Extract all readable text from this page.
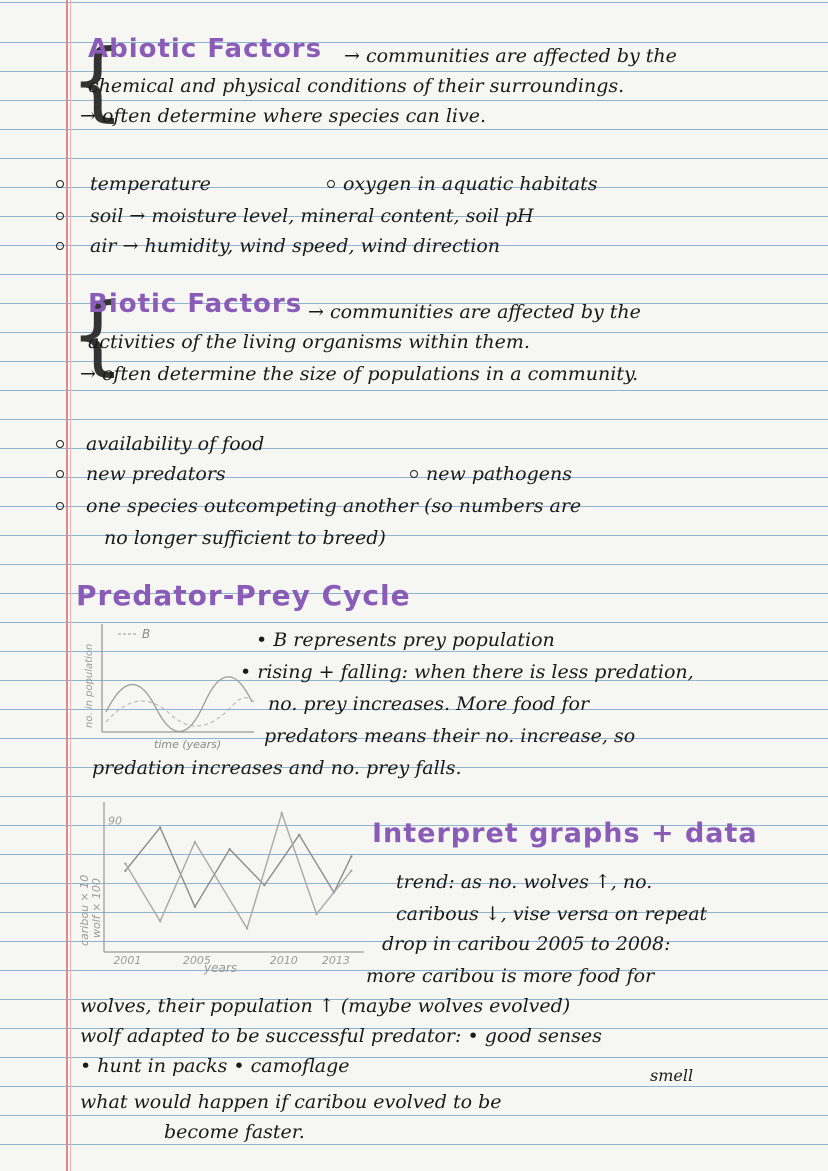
{
Abiotic Factors → communities are affected by the
chemical and physical conditions of their surroundings.
→ often determine where species can live.
temperature	oxygen in aquatic habitats
soil → moisture level, mineral content, soil pH
air → humidity, wind speed, wind direction
{
Biotic Factors → communities are affected by the
activities of the living organisms within them.
→ often determine the size of populations in a community.
availability of food
new predators	new pathogens
one species outcompeting another (so numbers are
no longer sufficient to breed)
Predator-Prey Cycle
B
time (years)
no. in population
• B represents prey population
• rising + falling: when there is less predation,
no. prey increases. More food for
predators means their no. increase, so
predation increases and no. prey falls.
caribou × 10 wolf × 100
years
2001	2005	2010 2013
90	Interpret graphs + data
trend: as no. wolves ↑, no.
caribous ↓, vise versa on repeat
drop in caribou 2005 to 2008:
more caribou is more food for
wolves, their population ↑ (maybe wolves evolved)
wolf adapted to be successful predator: • good senses
• hunt in packs • camoflage	smell
what would happen if caribou evolved to be
become faster.
